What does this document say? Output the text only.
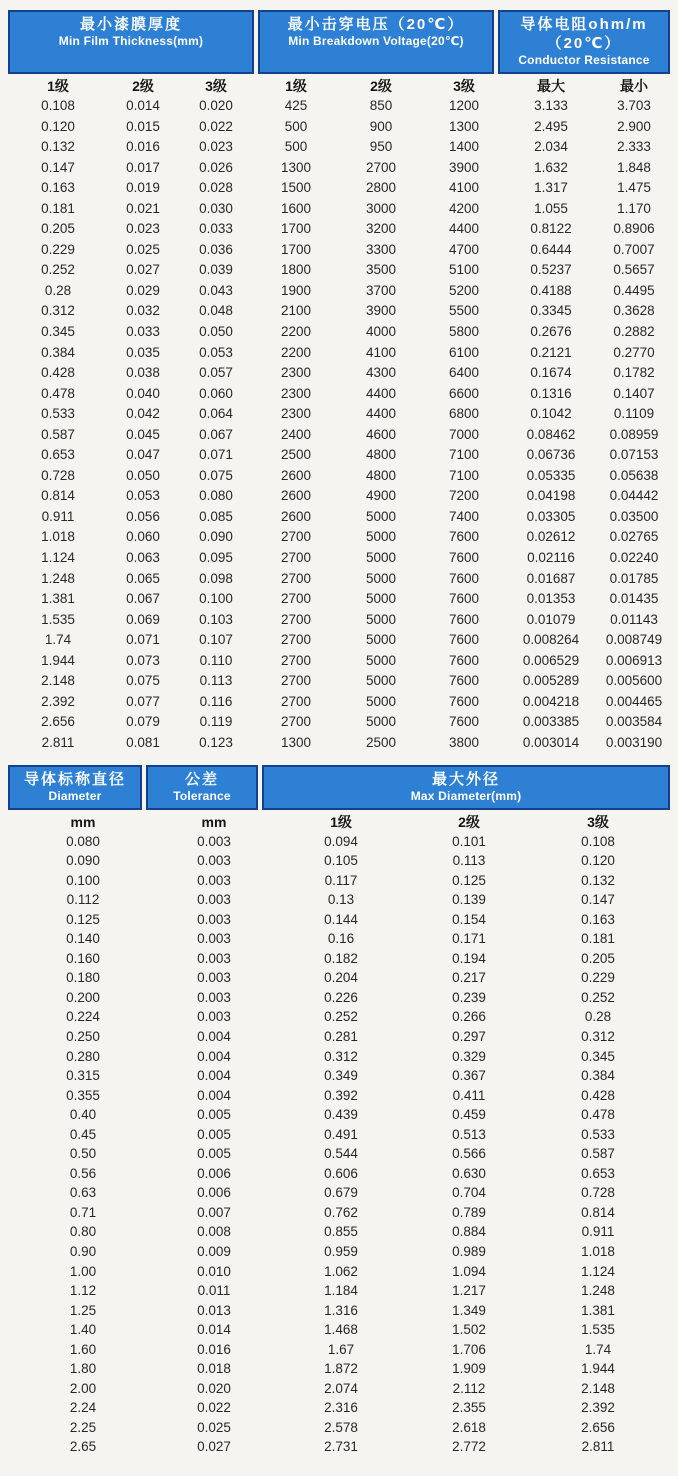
最小漆膜厚度
Min Film Thickness(mm)
最小击穿电压（20℃）
Min Breakdown Voltage(20℃)
导体电阻ohm/m（20℃）
Conductor Resistance
1级	2级	3级	1级	2级	3级	最大	最小
0.108	0.014	0.020	425	850	1200	3.133	3.703
0.120	0.015	0.022	500	900	1300	2.495	2.900
0.132	0.016	0.023	500	950	1400	2.034	2.333
0.147	0.017	0.026	1300	2700	3900	1.632	1.848
0.163	0.019	0.028	1500	2800	4100	1.317	1.475
0.181	0.021	0.030	1600	3000	4200	1.055	1.170
0.205	0.023	0.033	1700	3200	4400	0.8122	0.8906
0.229	0.025	0.036	1700	3300	4700	0.6444	0.7007
0.252	0.027	0.039	1800	3500	5100	0.5237	0.5657
0.28	0.029	0.043	1900	3700	5200	0.4188	0.4495
0.312	0.032	0.048	2100	3900	5500	0.3345	0.3628
0.345	0.033	0.050	2200	4000	5800	0.2676	0.2882
0.384	0.035	0.053	2200	4100	6100	0.2121	0.2770
0.428	0.038	0.057	2300	4300	6400	0.1674	0.1782
0.478	0.040	0.060	2300	4400	6600	0.1316	0.1407
0.533	0.042	0.064	2300	4400	6800	0.1042	0.1109
0.587	0.045	0.067	2400	4600	7000	0.08462	0.08959
0.653	0.047	0.071	2500	4800	7100	0.06736	0.07153
0.728	0.050	0.075	2600	4800	7100	0.05335	0.05638
0.814	0.053	0.080	2600	4900	7200	0.04198	0.04442
0.911	0.056	0.085	2600	5000	7400	0.03305	0.03500
1.018	0.060	0.090	2700	5000	7600	0.02612	0.02765
1.124	0.063	0.095	2700	5000	7600	0.02116	0.02240
1.248	0.065	0.098	2700	5000	7600	0.01687	0.01785
1.381	0.067	0.100	2700	5000	7600	0.01353	0.01435
1.535	0.069	0.103	2700	5000	7600	0.01079	0.01143
1.74	0.071	0.107	2700	5000	7600	0.008264	0.008749
1.944	0.073	0.110	2700	5000	7600	0.006529	0.006913
2.148	0.075	0.113	2700	5000	7600	0.005289	0.005600
2.392	0.077	0.116	2700	5000	7600	0.004218	0.004465
2.656	0.079	0.119	2700	5000	7600	0.003385	0.003584
2.811	0.081	0.123	1300	2500	3800	0.003014	0.003190
导体标称直径
Diameter
公差
Tolerance
最大外径
Max Diameter(mm)
mm	mm	1级	2级	3级
0.080	0.003	0.094	0.101	0.108
0.090	0.003	0.105	0.113	0.120
0.100	0.003	0.117	0.125	0.132
0.112	0.003	0.13	0.139	0.147
0.125	0.003	0.144	0.154	0.163
0.140	0.003	0.16	0.171	0.181
0.160	0.003	0.182	0.194	0.205
0.180	0.003	0.204	0.217	0.229
0.200	0.003	0.226	0.239	0.252
0.224	0.003	0.252	0.266	0.28
0.250	0.004	0.281	0.297	0.312
0.280	0.004	0.312	0.329	0.345
0.315	0.004	0.349	0.367	0.384
0.355	0.004	0.392	0.411	0.428
0.40	0.005	0.439	0.459	0.478
0.45	0.005	0.491	0.513	0.533
0.50	0.005	0.544	0.566	0.587
0.56	0.006	0.606	0.630	0.653
0.63	0.006	0.679	0.704	0.728
0.71	0.007	0.762	0.789	0.814
0.80	0.008	0.855	0.884	0.911
0.90	0.009	0.959	0.989	1.018
1.00	0.010	1.062	1.094	1.124
1.12	0.011	1.184	1.217	1.248
1.25	0.013	1.316	1.349	1.381
1.40	0.014	1.468	1.502	1.535
1.60	0.016	1.67	1.706	1.74
1.80	0.018	1.872	1.909	1.944
2.00	0.020	2.074	2.112	2.148
2.24	0.022	2.316	2.355	2.392
2.25	0.025	2.578	2.618	2.656
2.65	0.027	2.731	2.772	2.811
